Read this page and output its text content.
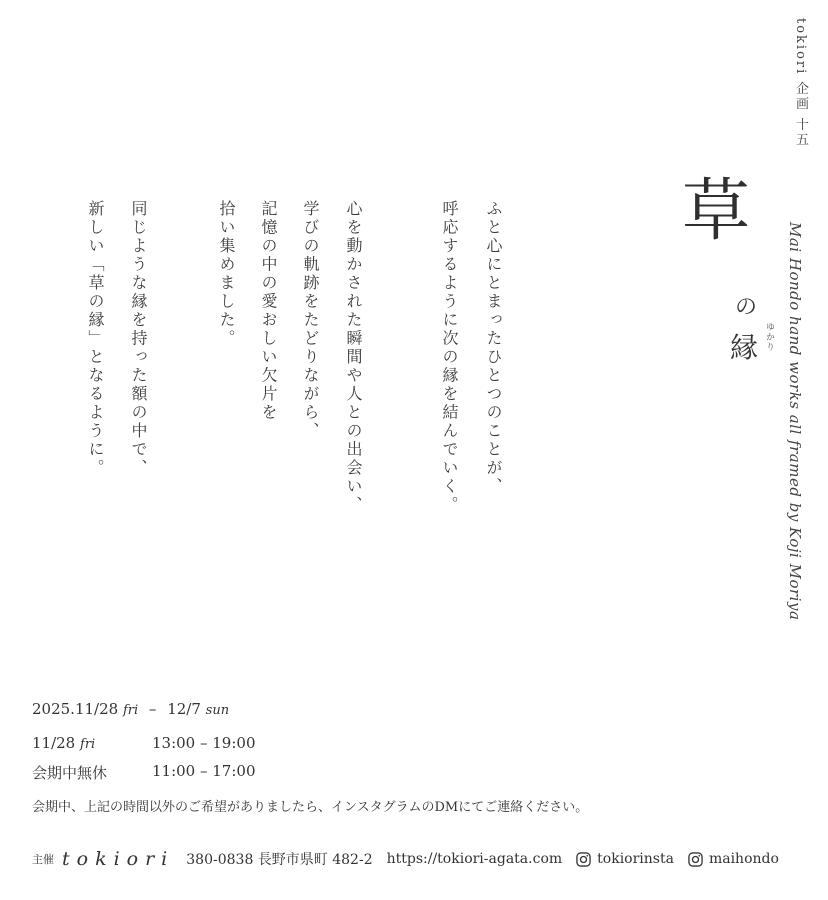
tokiori 企画 十五
草
の
縁 ゆかり Mai Hondo hand works all framed by Koji Moriya
ふと心にとまったひとつのことが、
呼応するように次の縁を結んでいく。
心を動かされた瞬間や人との出会い、
学びの軌跡をたどりながら、
記憶の中の愛おしい欠片を
拾い集めました。
同じような縁を持った額の中で、
新しい「草の縁」となるように。
2025.11/28 fri – 12/7 sun
11/28 fri	13:00 – 19:00
会期中無休	11:00 – 17:00
会期中、上記の時間以外のご希望がありましたら、インスタグラムのDMにてご連絡ください。
主催 tokiori 380-0838 長野市県町 482-2 https://tokiori-agata.com	tokiorinsta	maihondo
